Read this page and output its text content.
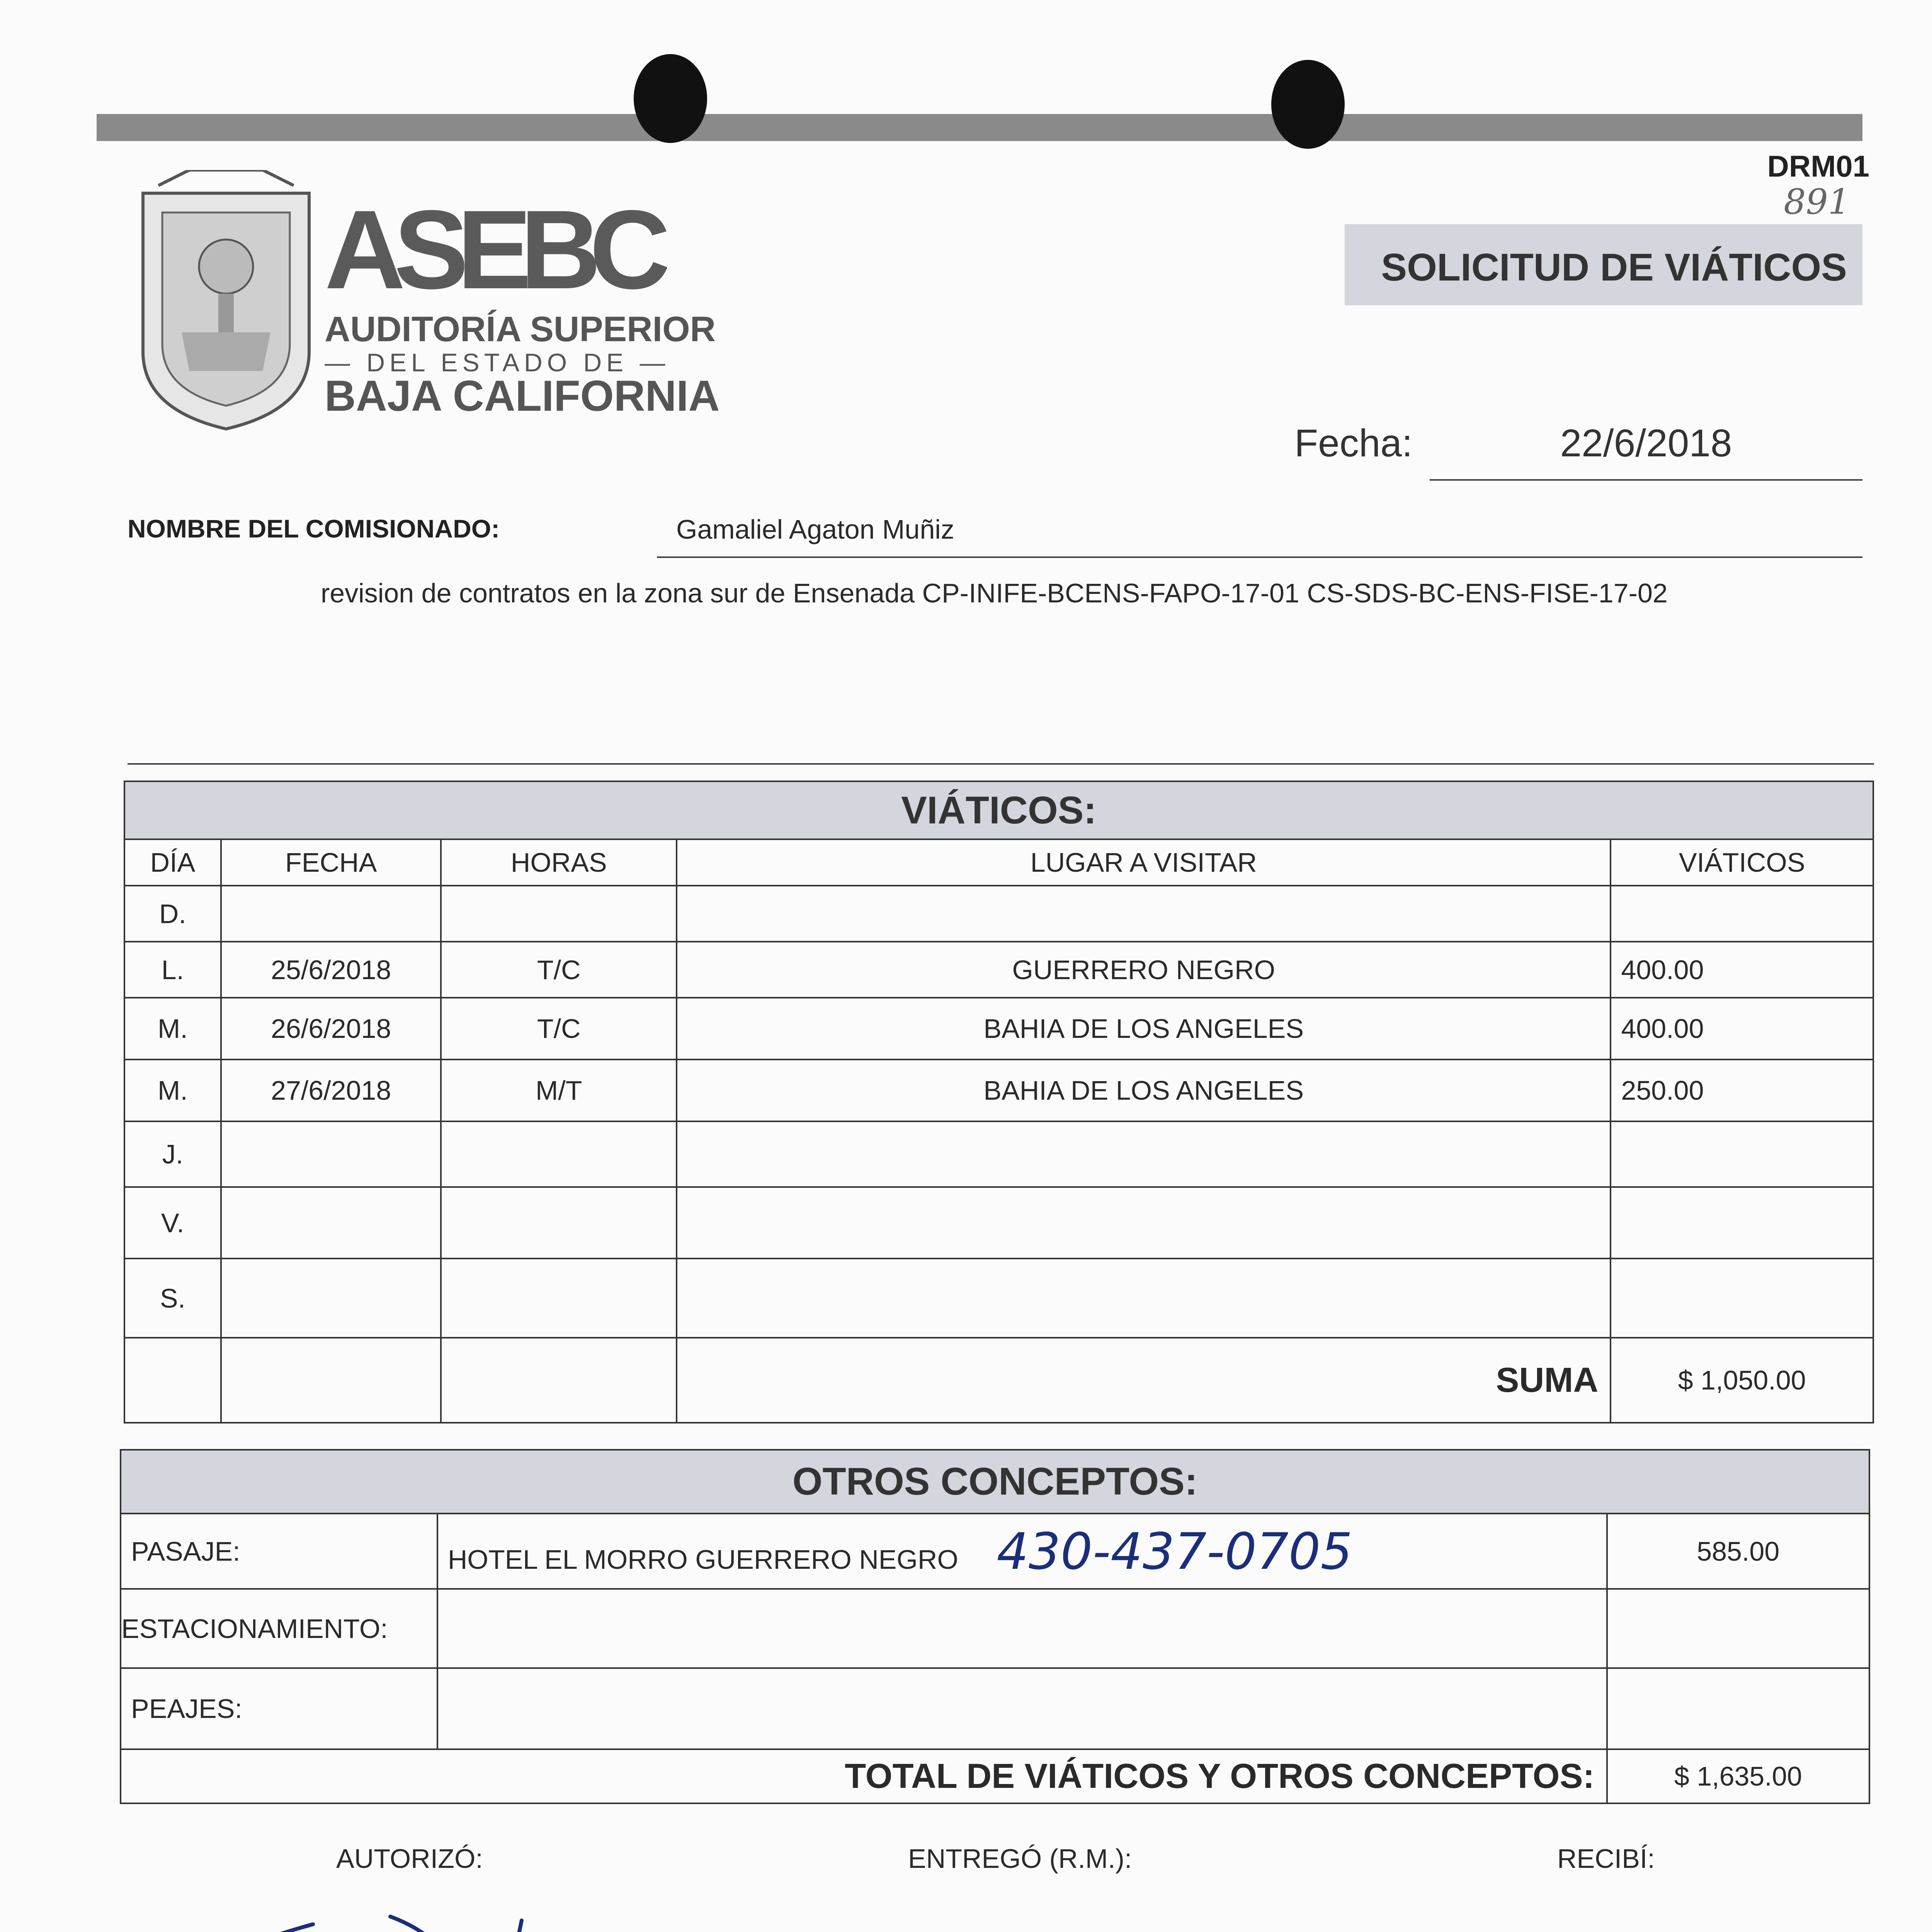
DRM01
891
SOLICITUD DE VIÁTICOS
ASEBC
AUDITORÍA SUPERIOR
— DEL ESTADO DE —
BAJA CALIFORNIA
Fecha:	22/6/2018
NOMBRE DEL COMISIONADO:	Gamaliel Agaton Muñiz
revision de contratos en la zona sur de Ensenada CP-INIFE-BCENS-FAPO-17-01 CS-SDS-BC-ENS-FISE-17-02
VIÁTICOS:				
DÍA	FECHA	HORAS	LUGAR A VISITAR	VIÁTICOS
D.				
L.	25/6/2018	T/C	GUERRERO NEGRO	400.00
M.	26/6/2018	T/C	BAHIA DE LOS ANGELES	400.00
M.	27/6/2018	M/T	BAHIA DE LOS ANGELES	250.00
J.				
V.				
S.				
			SUMA	$ 1,050.00
OTROS CONCEPTOS:		
PASAJE:	HOTEL EL MORRO GUERRERO NEGRO 430-437-0705	585.00
ESTACIONAMIENTO:		
PEAJES:		
TOTAL DE VIÁTICOS Y OTROS CONCEPTOS:		$ 1,635.00
AUTORIZÓ:	ENTREGÓ (R.M.):	RECIBÍ:
